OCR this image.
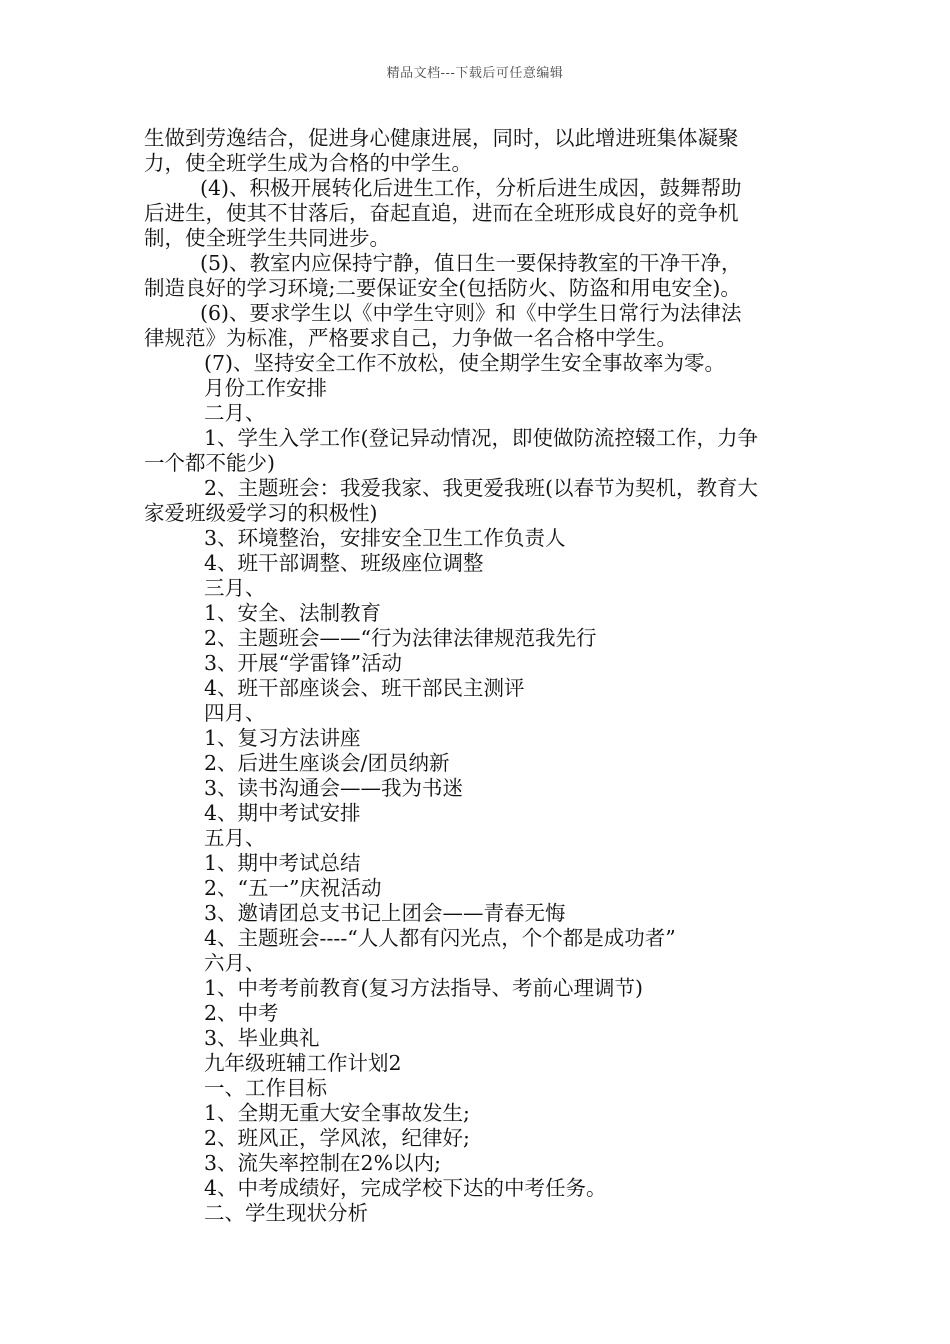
精品文档---下载后可任意编辑
生做到劳逸结合，促进身心健康进展，同时，以此增进班集体凝聚
力，使全班学生成为合格的中学生。
(4)、积极开展转化后进生工作，分析后进生成因，鼓舞帮助
后进生，使其不甘落后，奋起直追，进而在全班形成良好的竞争机
制，使全班学生共同进步。
(5)、教室内应保持宁静，值日生一要保持教室的干净干净，
制造良好的学习环境;二要保证安全(包括防火、防盗和用电安全)。
(6)、要求学生以《中学生守则》和《中学生日常行为法律法
律规范》为标准，严格要求自己，力争做一名合格中学生。
(7)、坚持安全工作不放松，使全期学生安全事故率为零。
月份工作安排
二月、
1、学生入学工作(登记异动情况，即使做防流控辍工作，力争
一个都不能少)
2、主题班会：我爱我家、我更爱我班(以春节为契机，教育大
家爱班级爱学习的积极性)
3、环境整治，安排安全卫生工作负责人
4、班干部调整、班级座位调整
三月、
1、安全、法制教育
2、主题班会——“行为法律法律规范我先行
3、开展“学雷锋”活动
4、班干部座谈会、班干部民主测评
四月、
1、复习方法讲座
2、后进生座谈会/团员纳新
3、读书沟通会——我为书迷
4、期中考试安排
五月、
1、期中考试总结
2、“五一”庆祝活动
3、邀请团总支书记上团会——青春无悔
4、主题班会----“人人都有闪光点，个个都是成功者”
六月、
1、中考考前教育(复习方法指导、考前心理调节)
2、中考
3、毕业典礼
九年级班辅工作计划2
一、工作目标
1、全期无重大安全事故发生;
2、班风正，学风浓，纪律好;
3、流失率控制在2%以内;
4、中考成绩好，完成学校下达的中考任务。
二、学生现状分析
